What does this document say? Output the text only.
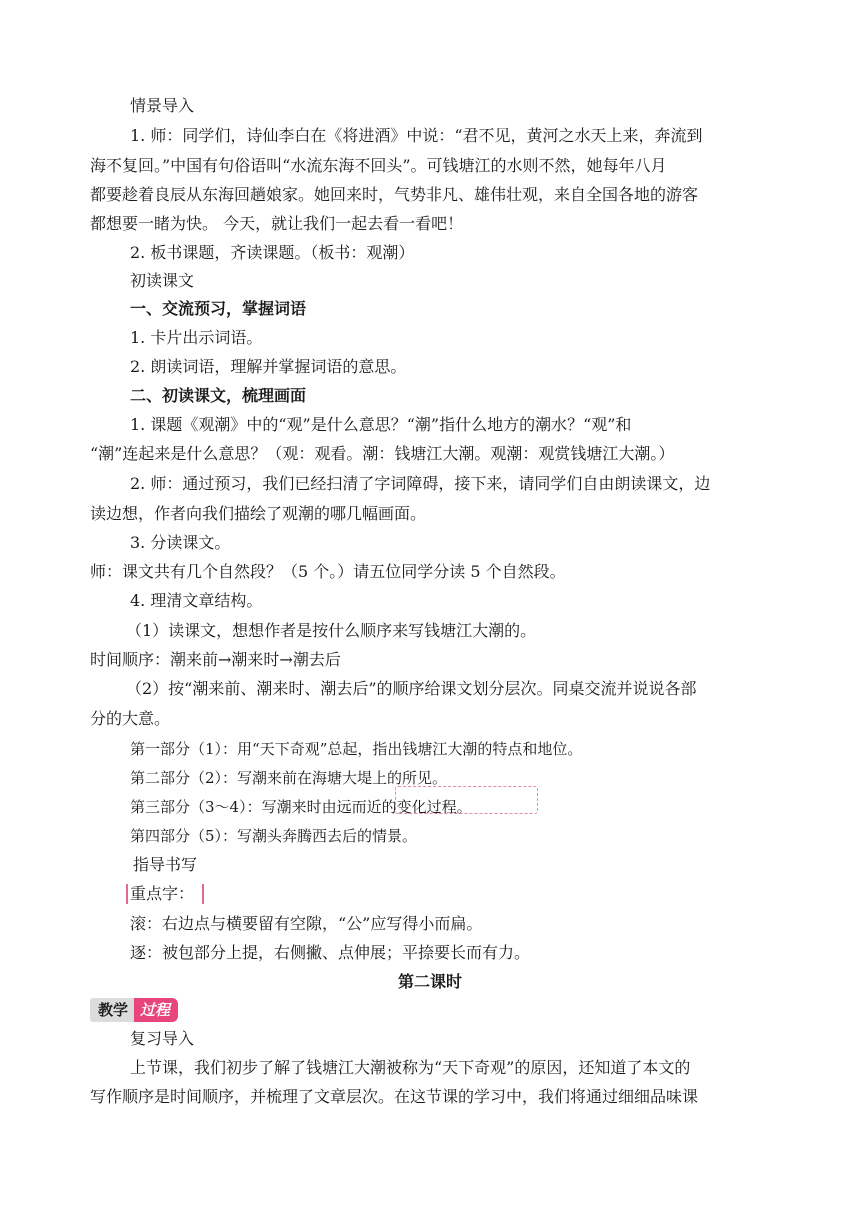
情景导入
1. 师：同学们，诗仙李白在《将进酒》中说：“君不见，黄河之水天上来，奔流到
海不复回。”中国有句俗语叫“水流东海不回头”。可钱塘江的水则不然，她每年八月
都要趁着良辰从东海回趟娘家。她回来时，气势非凡、雄伟壮观，来自全国各地的游客
都想要一睹为快。 今天，就让我们一起去看一看吧！
2. 板书课题，齐读课题。（板书：观潮）
初读课文
一、交流预习，掌握词语
1. 卡片出示词语。
2. 朗读词语，理解并掌握词语的意思。
二、初读课文，梳理画面
1. 课题《观潮》中的“观”是什么意思？“潮”指什么地方的潮水？“观”和
“潮”连起来是什么意思？（观：观看。潮：钱塘江大潮。观潮：观赏钱塘江大潮。）
2. 师：通过预习，我们已经扫清了字词障碍，接下来，请同学们自由朗读课文，边
读边想，作者向我们描绘了观潮的哪几幅画面。
3. 分读课文。
师：课文共有几个自然段？（5 个。）请五位同学分读 5 个自然段。
4. 理清文章结构。
（1）读课文，想想作者是按什么顺序来写钱塘江大潮的。
时间顺序：潮来前→潮来时→潮去后
（2）按“潮来前、潮来时、潮去后”的顺序给课文划分层次。同桌交流并说说各部
分的大意。
第一部分（1）：用“天下奇观”总起，指出钱塘江大潮的特点和地位。
第二部分（2）：写潮来前在海塘大堤上的所见。
第三部分（3～4）：写潮来时由远而近的变化过程。
第四部分（5）：写潮头奔腾西去后的情景。
指导书写
重点字：
滚：右边点与横要留有空隙，“公”应写得小而扁。
逐：被包部分上提，右侧撇、点伸展；平捺要长而有力。
第二课时
教学 过程
复习导入
上节课，我们初步了解了钱塘江大潮被称为“天下奇观”的原因，还知道了本文的
写作顺序是时间顺序，并梳理了文章层次。在这节课的学习中，我们将通过细细品味课
